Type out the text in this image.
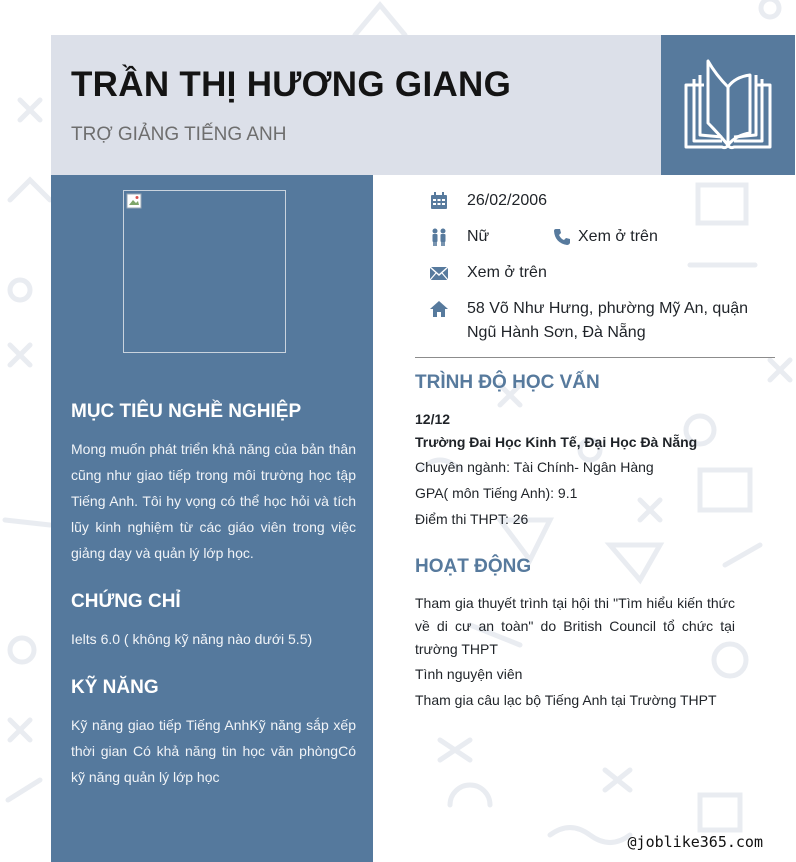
TRẦN THỊ HƯƠNG GIANG
TRỢ GIẢNG TIẾNG ANH
MỤC TIÊU NGHỀ NGHIỆP
Mong muốn phát triển khả năng của bản thân cũng như giao tiếp trong môi trường học tập Tiếng Anh. Tôi hy vọng có thể học hỏi và tích lũy kinh nghiệm từ các giáo viên trong việc giảng dạy và quản lý lớp học.
CHỨNG CHỈ
Ielts 6.0 ( không kỹ năng nào dưới 5.5)
KỸ NĂNG
Kỹ năng giao tiếp Tiếng AnhKỹ năng sắp xếp thời gian Có khả năng tin học văn phòngCó kỹ năng quản lý lớp học
26/02/2006
Nữ	Xem ở trên
Xem ở trên
58 Võ Như Hưng, phường Mỹ An, quận Ngũ Hành Sơn, Đà Nẵng
TRÌNH ĐỘ HỌC VẤN
12/12
Trường Đai Học Kinh Tế, Đại Học Đà Nẵng
Chuyên ngành: Tài Chính- Ngân Hàng
GPA( môn Tiếng Anh): 9.1
Điểm thi THPT: 26
HOẠT ĐỘNG
Tham gia thuyết trình tại hội thi "Tìm hiểu kiến thức về di cư an toàn" do British Council tổ chức tại trường THPT
Tình nguyện viên
Tham gia câu lạc bộ Tiếng Anh tại Trường THPT
@joblike365.com
